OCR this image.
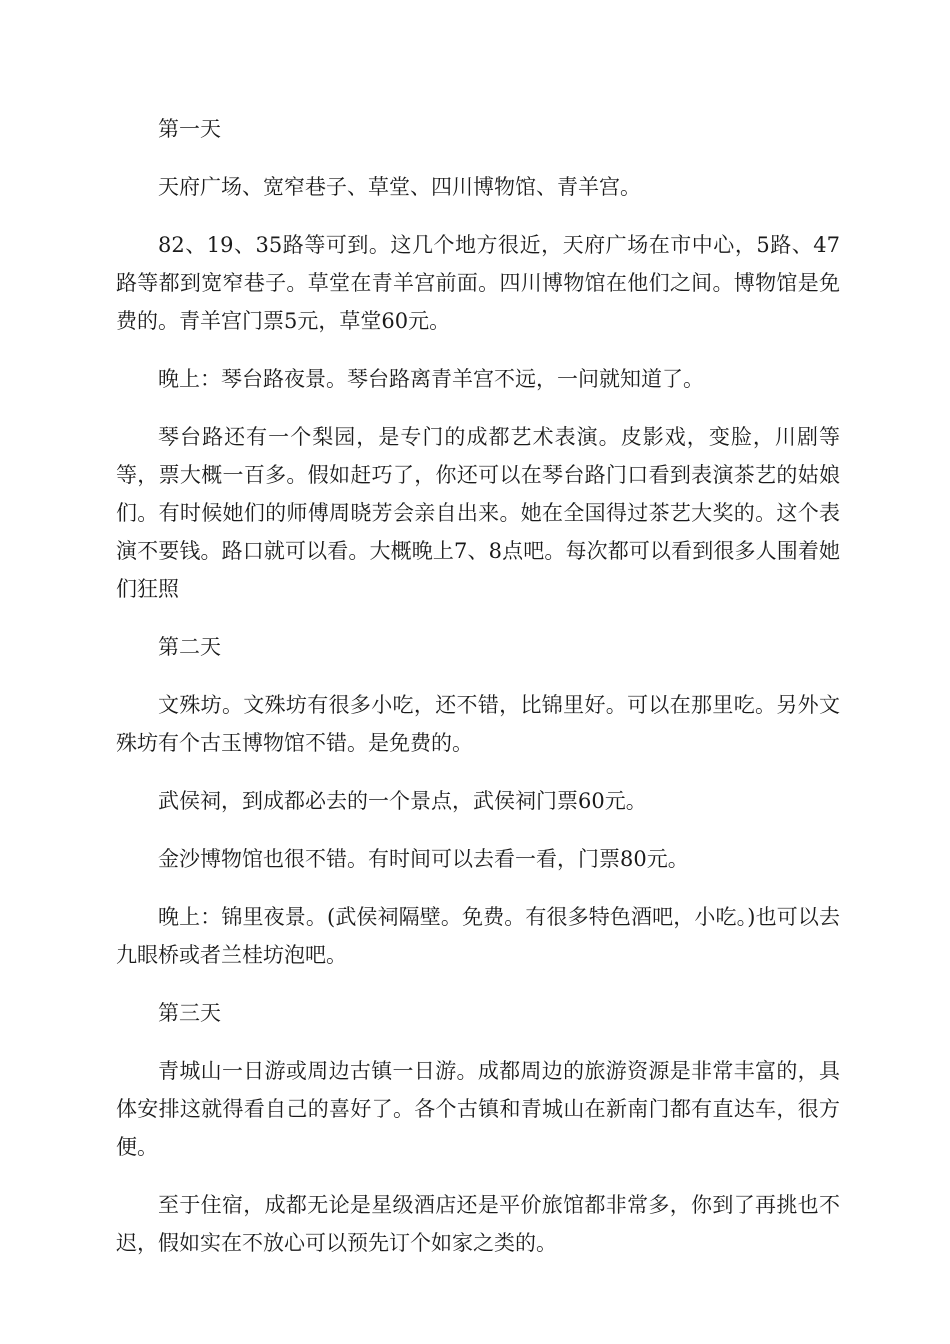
第一天

天府广场、宽窄巷子、草堂、四川博物馆、青羊宫。

82、19、35路等可到。这几个地方很近，天府广场在市中心，5路、47路等都到宽窄巷子。草堂在青羊宫前面。四川博物馆在他们之间。博物馆是免费的。青羊宫门票5元，草堂60元。

晚上：琴台路夜景。琴台路离青羊宫不远，一问就知道了。

琴台路还有一个梨园，是专门的成都艺术表演。皮影戏，变脸，川剧等等，票大概一百多。假如赶巧了，你还可以在琴台路门口看到表演茶艺的姑娘们。有时候她们的师傅周晓芳会亲自出来。她在全国得过茶艺大奖的。这个表演不要钱。路口就可以看。大概晚上7、8点吧。每次都可以看到很多人围着她们狂照

第二天

文殊坊。文殊坊有很多小吃，还不错，比锦里好。可以在那里吃。另外文殊坊有个古玉博物馆不错。是免费的。

武侯祠，到成都必去的一个景点，武侯祠门票60元。

金沙博物馆也很不错。有时间可以去看一看，门票80元。

晚上：锦里夜景。(武侯祠隔壁。免费。有很多特色酒吧，小吃。)也可以去九眼桥或者兰桂坊泡吧。

第三天

青城山一日游或周边古镇一日游。成都周边的旅游资源是非常丰富的，具体安排这就得看自己的喜好了。各个古镇和青城山在新南门都有直达车，很方便。

至于住宿，成都无论是星级酒店还是平价旅馆都非常多，你到了再挑也不迟，假如实在不放心可以预先订个如家之类的。
